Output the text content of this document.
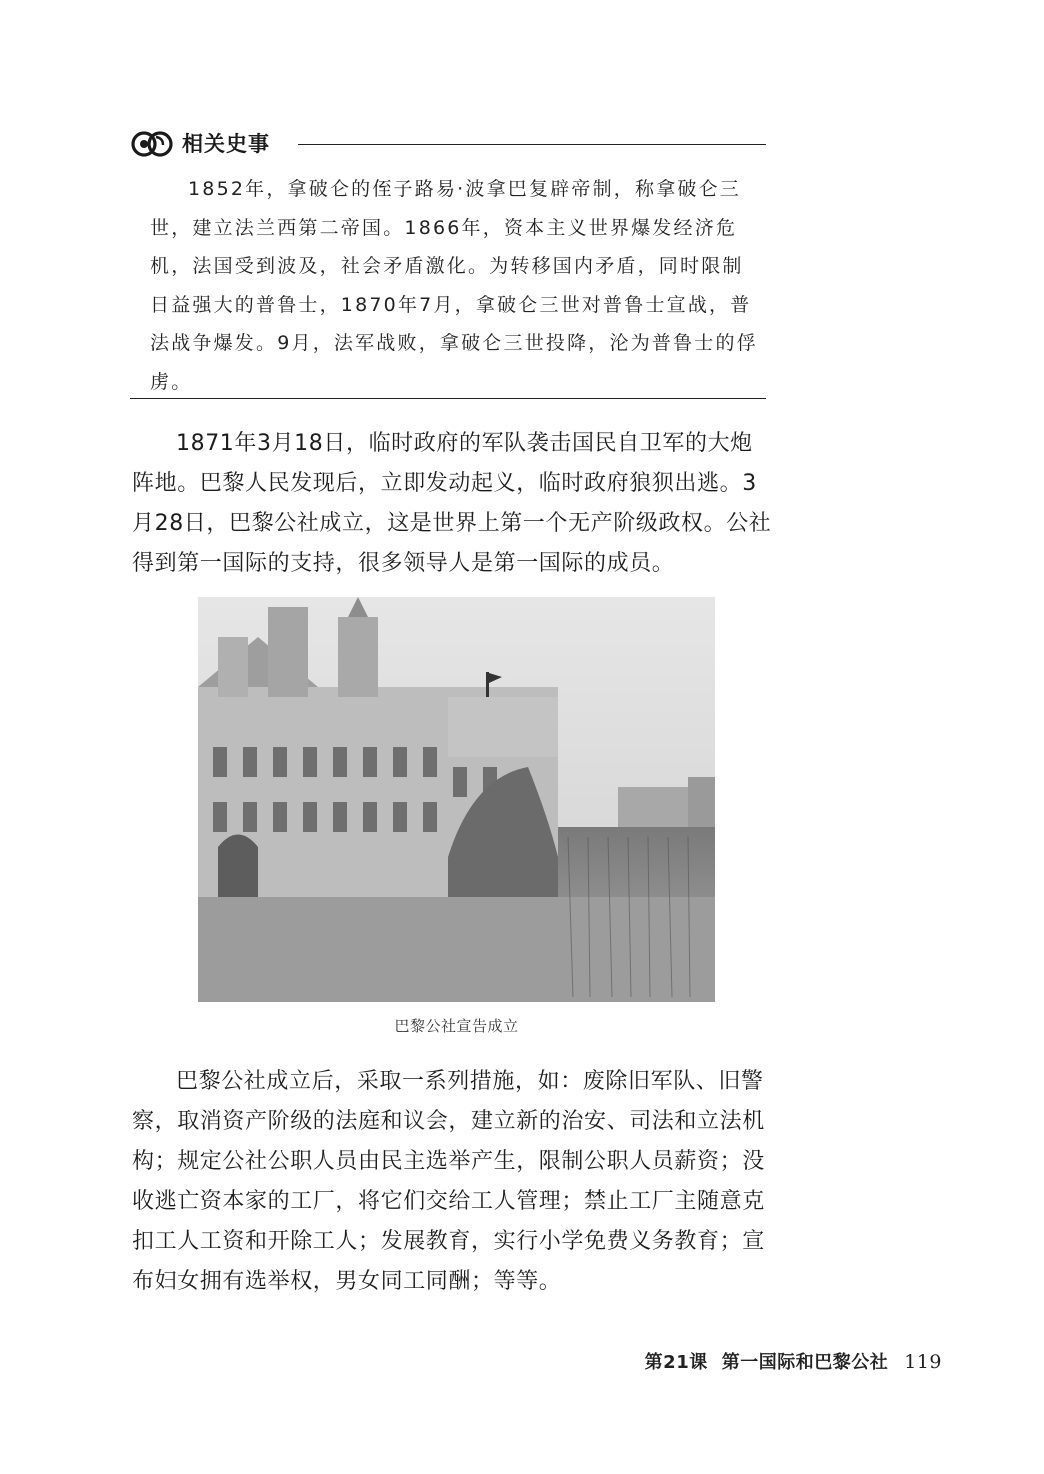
相关史事

1852年，拿破仑的侄子路易·波拿巴复辟帝制，称拿破仑三世，建立法兰西第二帝国。1866年，资本主义世界爆发经济危机，法国受到波及，社会矛盾激化。为转移国内矛盾，同时限制日益强大的普鲁士，1870年7月，拿破仑三世对普鲁士宣战，普法战争爆发。9月，法军战败，拿破仑三世投降，沦为普鲁士的俘虏。

1871年3月18日，临时政府的军队袭击国民自卫军的大炮阵地。巴黎人民发现后，立即发动起义，临时政府狼狈出逃。3月28日，巴黎公社成立，这是世界上第一个无产阶级政权。公社得到第一国际的支持，很多领导人是第一国际的成员。

巴黎公社宣告成立

巴黎公社成立后，采取一系列措施，如：废除旧军队、旧警察，取消资产阶级的法庭和议会，建立新的治安、司法和立法机构；规定公社公职人员由民主选举产生，限制公职人员薪资；没收逃亡资本家的工厂，将它们交给工人管理；禁止工厂主随意克扣工人工资和开除工人；发展教育，实行小学免费义务教育；宣布妇女拥有选举权，男女同工同酬；等等。

第21课 第一国际和巴黎公社 119
